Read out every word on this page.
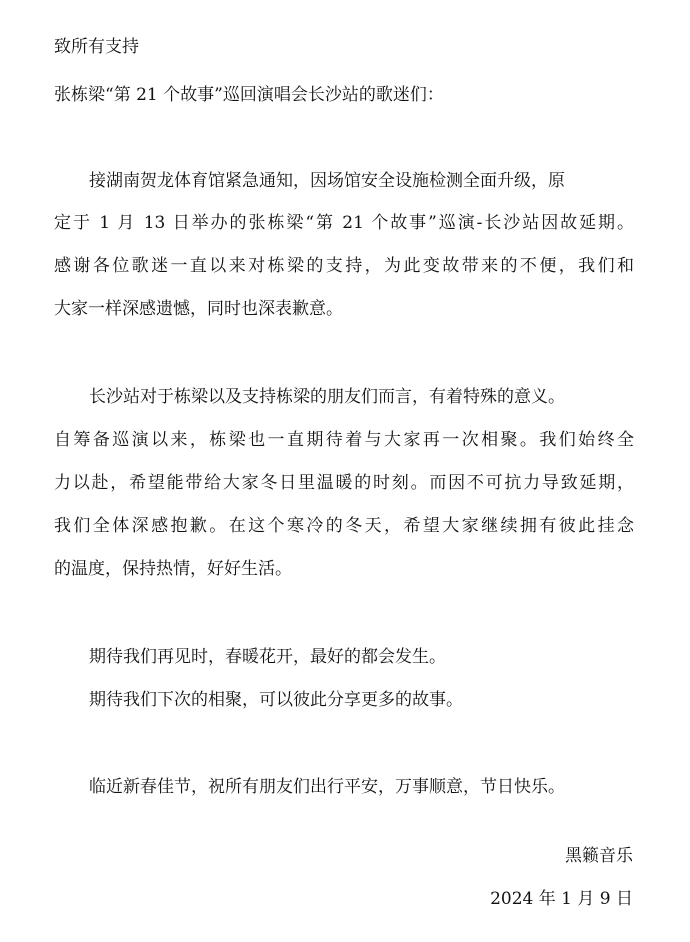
致所有支持
张栋梁“第 21 个故事”巡回演唱会长沙站的歌迷们：
接湖南贺龙体育馆紧急通知，因场馆安全设施检测全面升级，原
定于 1 月 13 日举办的张栋梁“第 21 个故事”巡演-长沙站因故延期。
感谢各位歌迷一直以来对栋梁的支持，为此变故带来的不便，我们和
大家一样深感遗憾，同时也深表歉意。
长沙站对于栋梁以及支持栋梁的朋友们而言，有着特殊的意义。
自筹备巡演以来，栋梁也一直期待着与大家再一次相聚。我们始终全
力以赴，希望能带给大家冬日里温暖的时刻。而因不可抗力导致延期，
我们全体深感抱歉。在这个寒冷的冬天，希望大家继续拥有彼此挂念
的温度，保持热情，好好生活。
期待我们再见时，春暖花开，最好的都会发生。
期待我们下次的相聚，可以彼此分享更多的故事。
临近新春佳节，祝所有朋友们出行平安，万事顺意，节日快乐。
黑籁音乐
2024 年 1 月 9 日
